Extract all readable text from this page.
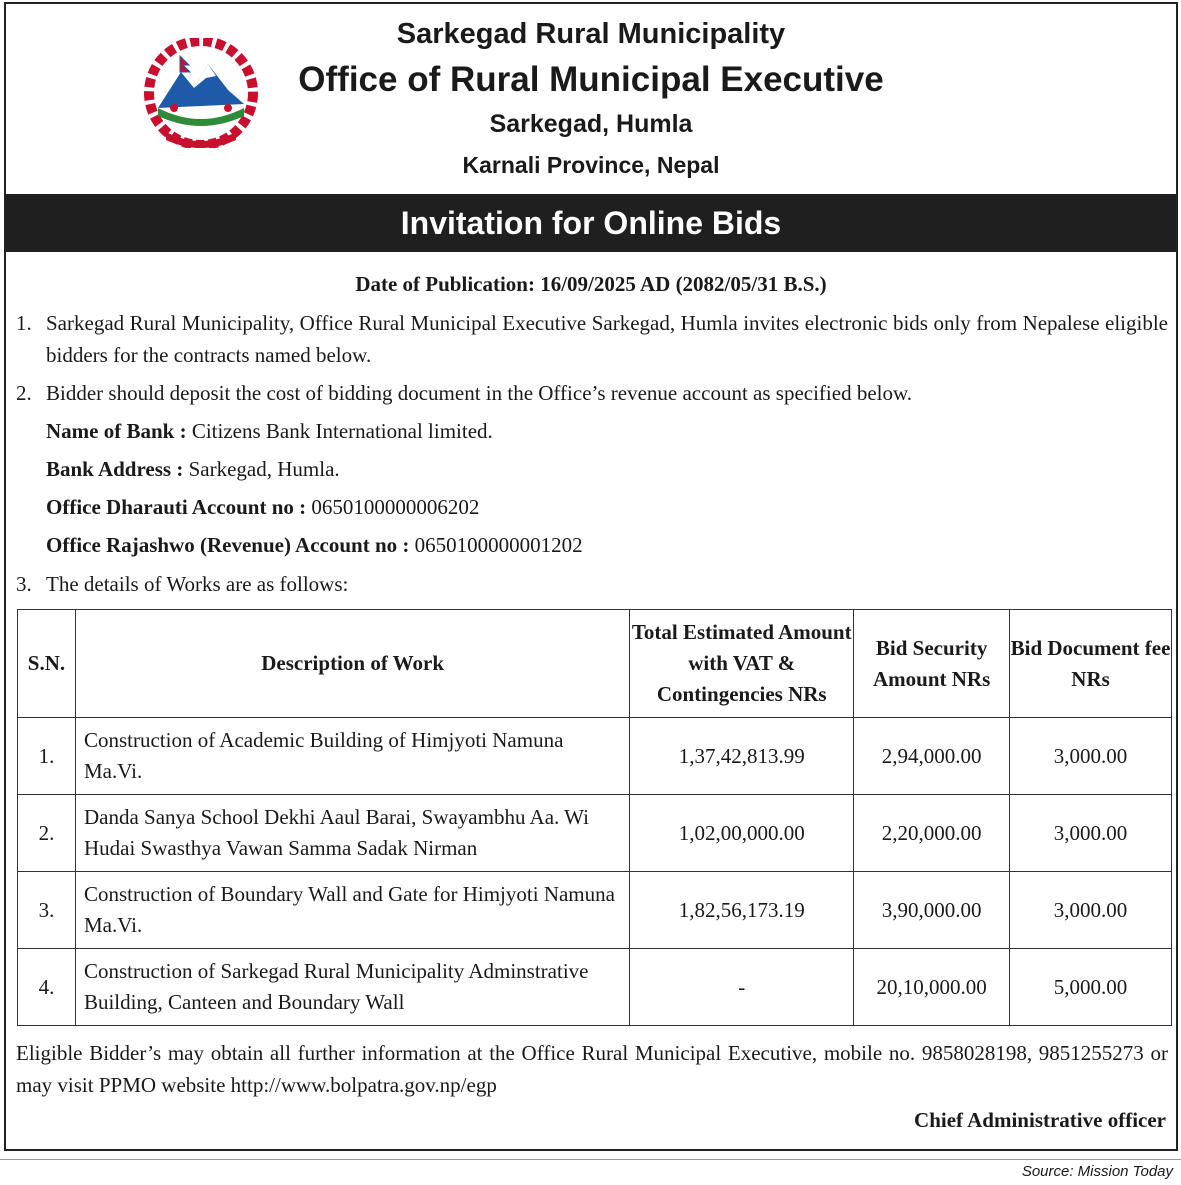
Sarkegad Rural Municipality
Office of Rural Municipal Executive
Sarkegad, Humla
Karnali Province, Nepal
Invitation for Online Bids
Date of Publication: 16/09/2025 AD (2082/05/31 B.S.)
1. Sarkegad Rural Municipality, Office Rural Municipal Executive Sarkegad, Humla invites electronic bids only from Nepalese eligible bidders for the contracts named below.
2. Bidder should deposit the cost of bidding document in the Office’s revenue account as specified below.
Name of Bank : Citizens Bank International limited.
Bank Address : Sarkegad, Humla.
Office Dharauti Account no : 0650100000006202
Office Rajashwo (Revenue) Account no : 0650100000001202
3. The details of Works are as follows:
S.N.	Description of Work	Total Estimated Amount with VAT & Contingencies NRs	Bid Security Amount NRs	Bid Document fee NRs
1.	Construction of Academic Building of Himjyoti Namuna Ma.Vi.	1,37,42,813.99	2,94,000.00	3,000.00
2.	Danda Sanya School Dekhi Aaul Barai, Swayambhu Aa. Wi Hudai Swasthya Vawan Samma Sadak Nirman	1,02,00,000.00	2,20,000.00	3,000.00
3.	Construction of Boundary Wall and Gate for Himjyoti Namuna Ma.Vi.	1,82,56,173.19	3,90,000.00	3,000.00
4.	Construction of Sarkegad Rural Municipality Adminstrative Building, Canteen and Boundary Wall	-	20,10,000.00	5,000.00
Eligible Bidder’s may obtain all further information at the Office Rural Municipal Executive, mobile no. 9858028198, 9851255273 or may visit PPMO website http://www.bolpatra.gov.np/egp
Chief Administrative officer
Source: Mission Today
